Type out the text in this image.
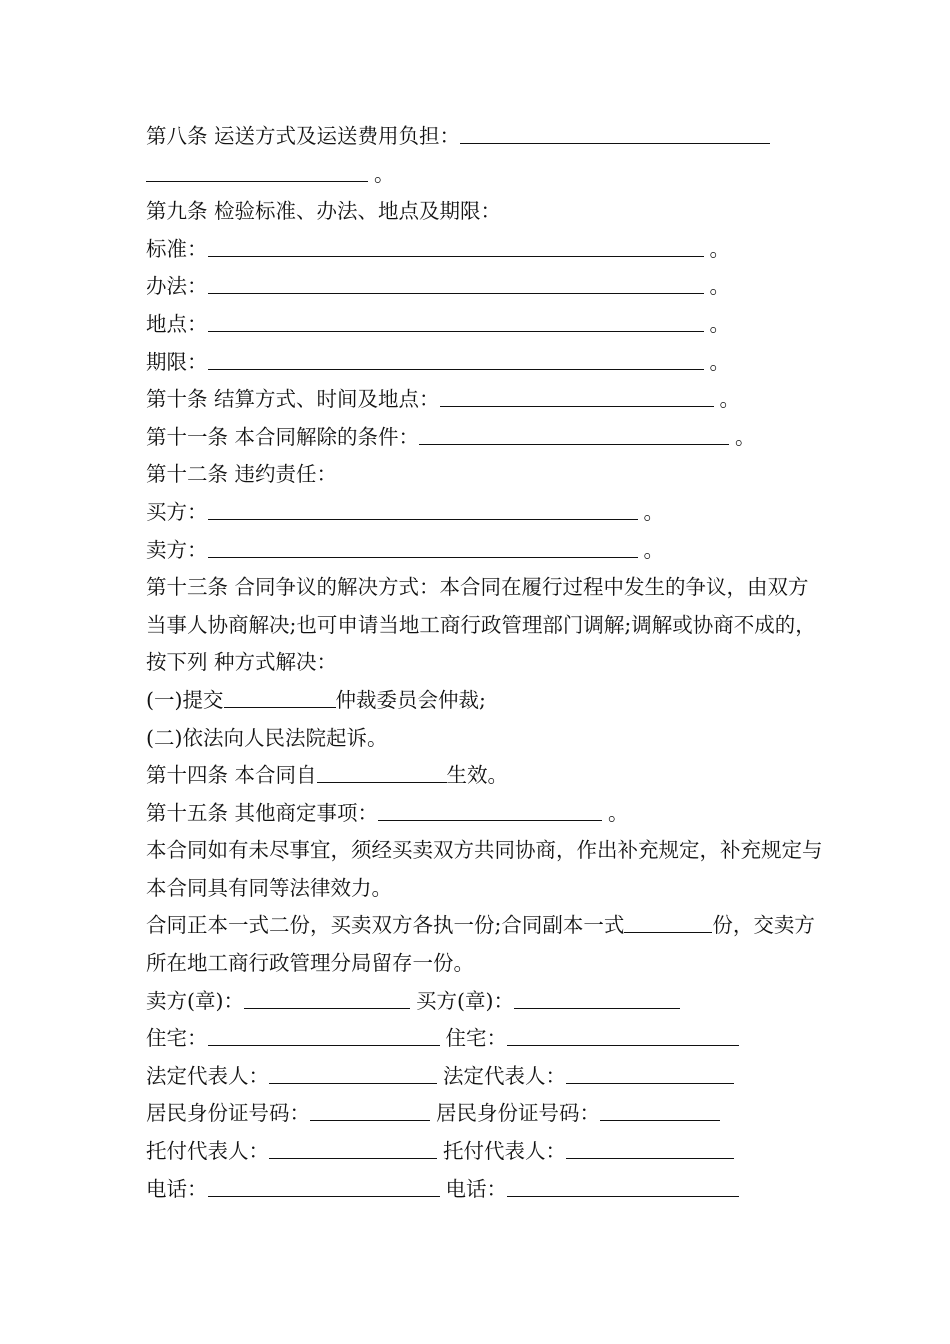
第八条 运送方式及运送费用负担：
。
第九条 检验标准、办法、地点及期限：
标准：	。
办法：	。
地点：	。
期限：	。
第十条 结算方式、时间及地点：	。
第十一条 本合同解除的条件：	。
第十二条 违约责任：
买方：	。
卖方：	。
第十三条 合同争议的解决方式：本合同在履行过程中发生的争议，由双方当事人协商解决;也可申请当地工商行政管理部门调解;调解或协商不成的，按下列 种方式解决：
(一)提交	仲裁委员会仲裁;
(二)依法向人民法院起诉。
第十四条 本合同自	生效。
第十五条 其他商定事项：	。
本合同如有未尽事宜，须经买卖双方共同协商，作出补充规定，补充规定与本合同具有同等法律效力。
合同正本一式二份，买卖双方各执一份;合同副本一式	份，交卖方所在地工商行政管理分局留存一份。
卖方(章)：	买方(章)：
住宅：	住宅：
法定代表人：	法定代表人：
居民身份证号码：	居民身份证号码：
托付代表人：	托付代表人：
电话：	电话：
